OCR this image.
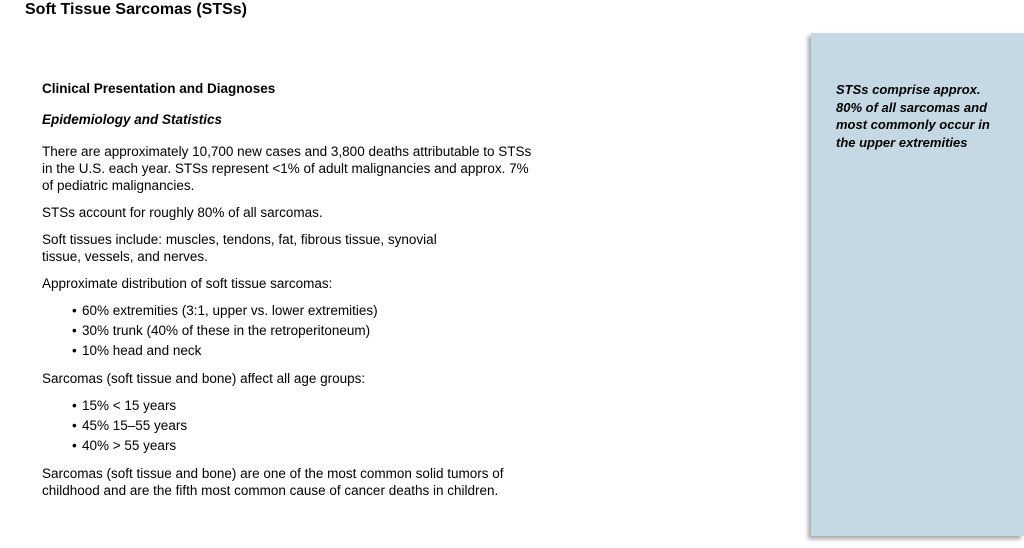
Soft Tissue Sarcomas (STSs)

Clinical Presentation and Diagnoses

Epidemiology and Statistics

There are approximately 10,700 new cases and 3,800 deaths attributable to STSs in the U.S. each year. STSs represent <1% of adult malignancies and approx. 7% of pediatric malignancies.

STSs account for roughly 80% of all sarcomas.

Soft tissues include: muscles, tendons, fat, fibrous tissue, synovial tissue, vessels, and nerves.

Approximate distribution of soft tissue sarcomas:

• 60% extremities (3:1, upper vs. lower extremities)
• 30% trunk (40% of these in the retroperitoneum)
• 10% head and neck

Sarcomas (soft tissue and bone) affect all age groups:

• 15% < 15 years
• 45% 15–55 years
• 40% > 55 years

Sarcomas (soft tissue and bone) are one of the most common solid tumors of childhood and are the fifth most common cause of cancer deaths in children.

STSs comprise approx. 80% of all sarcomas and most commonly occur in the upper extremities
